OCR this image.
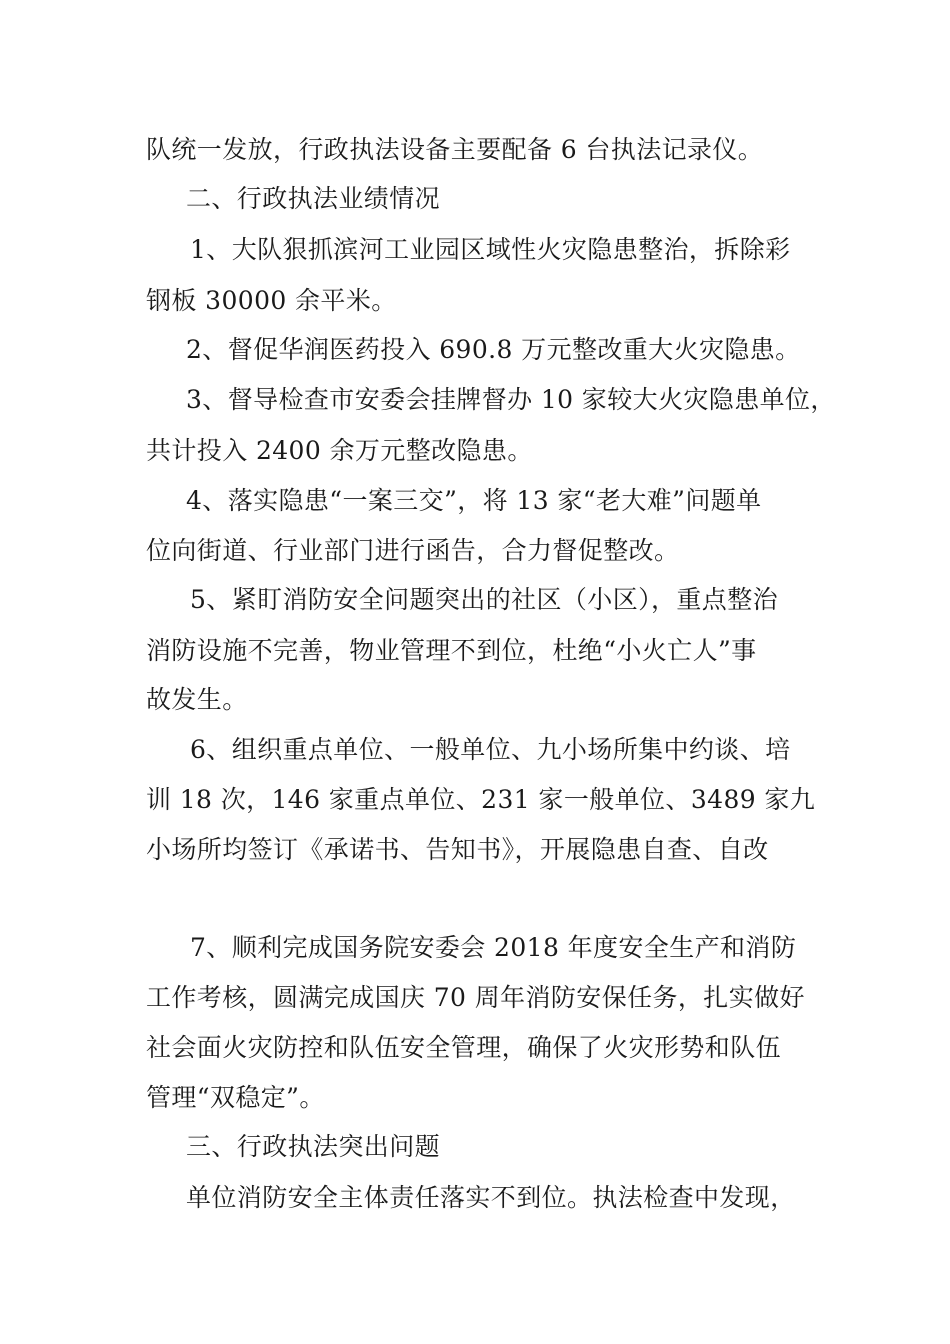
队统一发放，行政执法设备主要配备 6 台执法记录仪。
二、行政执法业绩情况
1、大队狠抓滨河工业园区域性火灾隐患整治，拆除彩
钢板 30000 余平米。
2、督促华润医药投入 690.8 万元整改重大火灾隐患。
3、督导检查市安委会挂牌督办 10 家较大火灾隐患单位，
共计投入 2400 余万元整改隐患。
4、落实隐患“一案三交”，将 13 家“老大难”问题单
位向街道、行业部门进行函告，合力督促整改。
5、紧盯消防安全问题突出的社区（小区），重点整治
消防设施不完善，物业管理不到位，杜绝“小火亡人”事
故发生。
6、组织重点单位、一般单位、九小场所集中约谈、培
训 18 次，146 家重点单位、231 家一般单位、3489 家九
小场所均签订《承诺书、告知书》，开展隐患自查、自改
7、顺利完成国务院安委会 2018 年度安全生产和消防
工作考核，圆满完成国庆 70 周年消防安保任务，扎实做好
社会面火灾防控和队伍安全管理，确保了火灾形势和队伍
管理“双稳定”。
三、行政执法突出问题
单位消防安全主体责任落实不到位。执法检查中发现，
